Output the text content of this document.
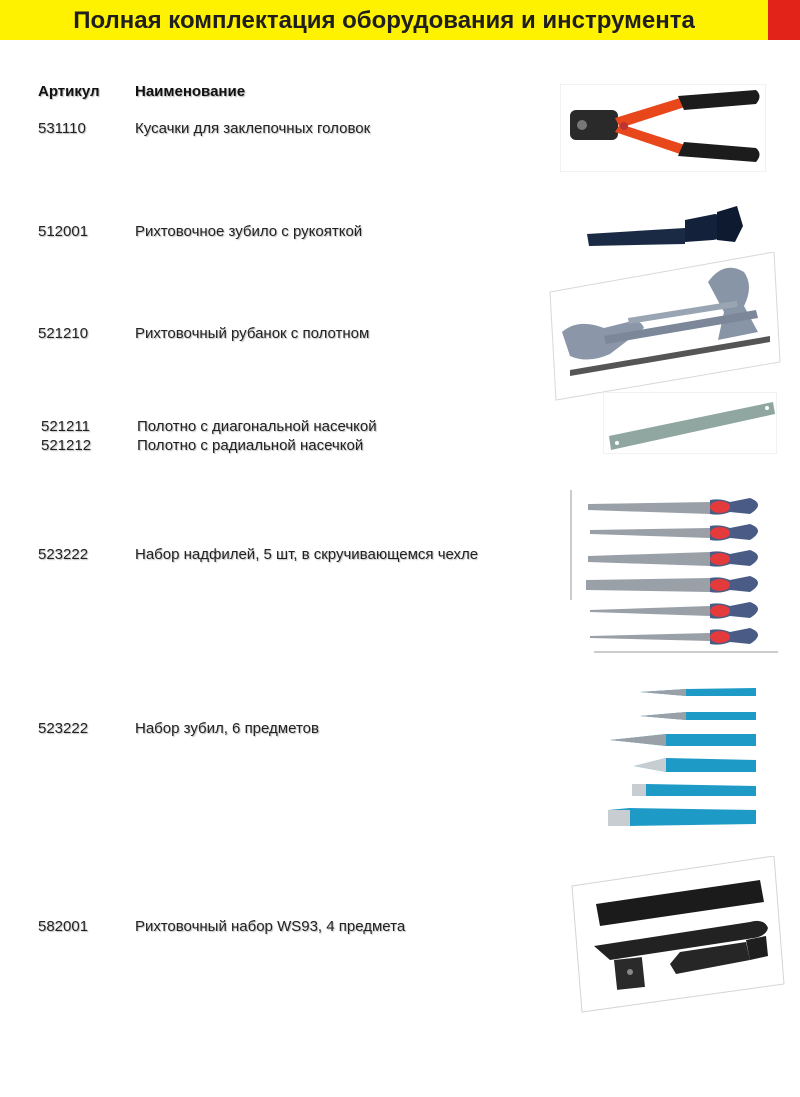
Полная комплектация оборудования и инструмента
Артикул Наименование
531110	Кусачки для заклепочных головок
512001	Рихтовочное зубило с рукояткой
521210	Рихтовочный рубанок с полотном
521211	Полотно с диагональной насечкой
521212	Полотно с радиальной насечкой
523222	Набор надфилей, 5 шт, в скручивающемся чехле
523222	Набор зубил, 6 предметов
582001	Рихтовочный набор WS93, 4 предмета
